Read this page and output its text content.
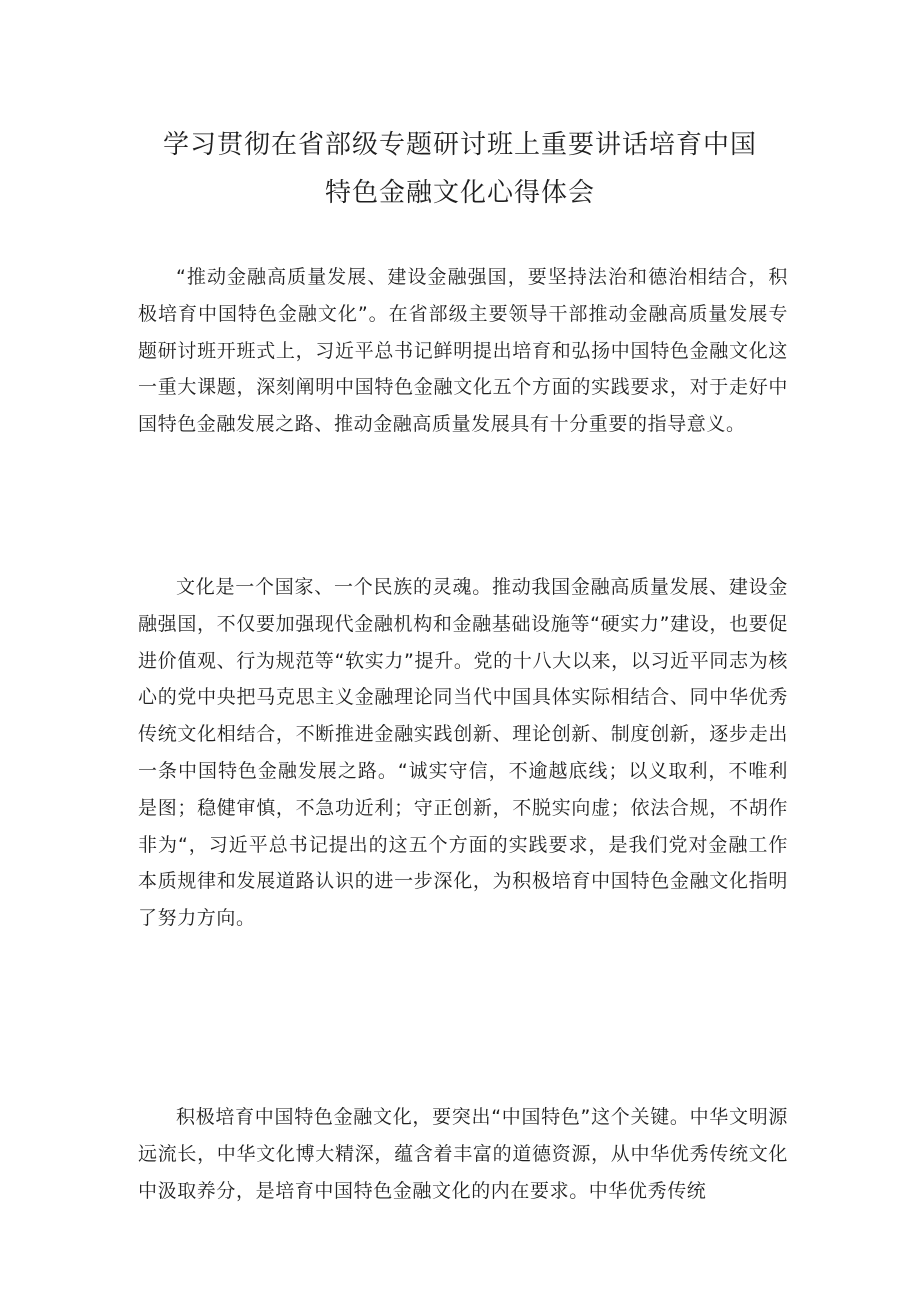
学习贯彻在省部级专题研讨班上重要讲话培育中国
特色金融文化心得体会

“推动金融高质量发展、建设金融强国，要坚持法治和德治相结合，积极培育中国特色金融文化”。在省部级主要领导干部推动金融高质量发展专题研讨班开班式上，习近平总书记鲜明提出培育和弘扬中国特色金融文化这一重大课题，深刻阐明中国特色金融文化五个方面的实践要求，对于走好中国特色金融发展之路、推动金融高质量发展具有十分重要的指导意义。

文化是一个国家、一个民族的灵魂。推动我国金融高质量发展、建设金融强国，不仅要加强现代金融机构和金融基础设施等“硬实力”建设，也要促进价值观、行为规范等“软实力”提升。党的十八大以来，以习近平同志为核心的党中央把马克思主义金融理论同当代中国具体实际相结合、同中华优秀传统文化相结合，不断推进金融实践创新、理论创新、制度创新，逐步走出一条中国特色金融发展之路。“诚实守信，不逾越底线；以义取利，不唯利是图；稳健审慎，不急功近利；守正创新，不脱实向虚；依法合规，不胡作非为“，习近平总书记提出的这五个方面的实践要求，是我们党对金融工作本质规律和发展道路认识的进一步深化，为积极培育中国特色金融文化指明了努力方向。

积极培育中国特色金融文化，要突出“中国特色”这个关键。中华文明源远流长，中华文化博大精深，蕴含着丰富的道德资源，从中华优秀传统文化中汲取养分，是培育中国特色金融文化的内在要求。中华优秀传统
